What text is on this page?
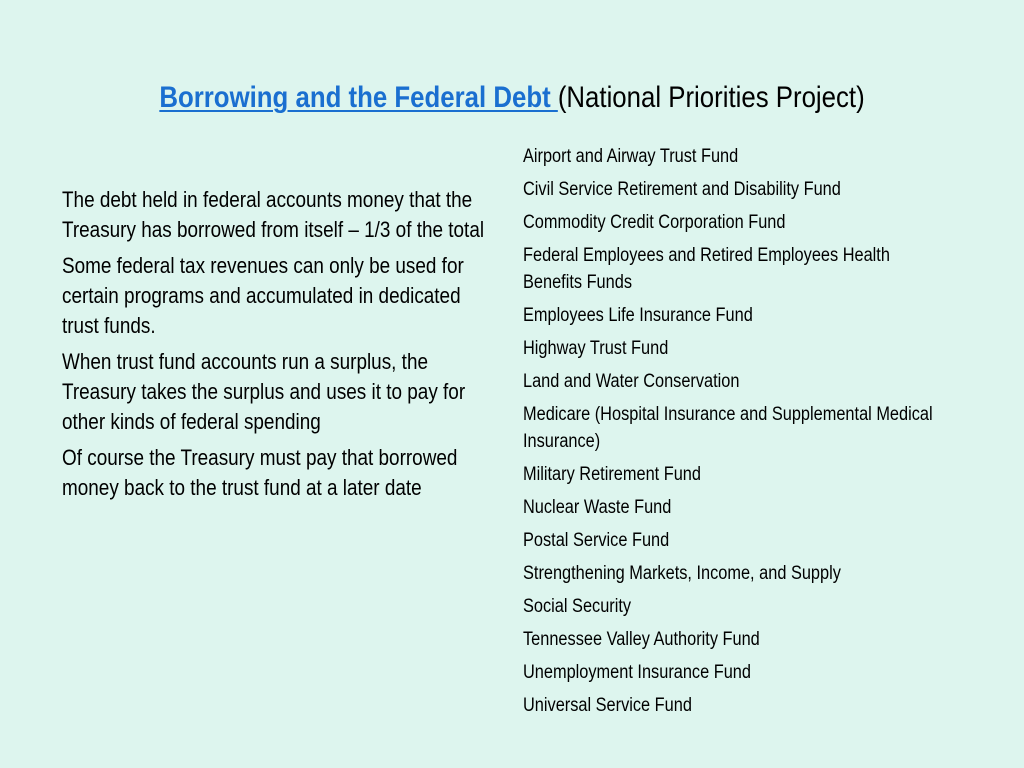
Borrowing and the Federal Debt (National Priorities Project)

The debt held in federal accounts money that the Treasury has borrowed from itself – 1/3 of the total

Some federal tax revenues can only be used for certain programs and accumulated in dedicated trust funds.

When trust fund accounts run a surplus, the Treasury takes the surplus and uses it to pay for other kinds of federal spending

Of course the Treasury must pay that borrowed money back to the trust fund at a later date

Airport and Airway Trust Fund
Civil Service Retirement and Disability Fund
Commodity Credit Corporation Fund
Federal Employees and Retired Employees Health Benefits Funds
Employees Life Insurance Fund
Highway Trust Fund
Land and Water Conservation
Medicare (Hospital Insurance and Supplemental Medical Insurance)
Military Retirement Fund
Nuclear Waste Fund
Postal Service Fund
Strengthening Markets, Income, and Supply
Social Security
Tennessee Valley Authority Fund
Unemployment Insurance Fund
Universal Service Fund
